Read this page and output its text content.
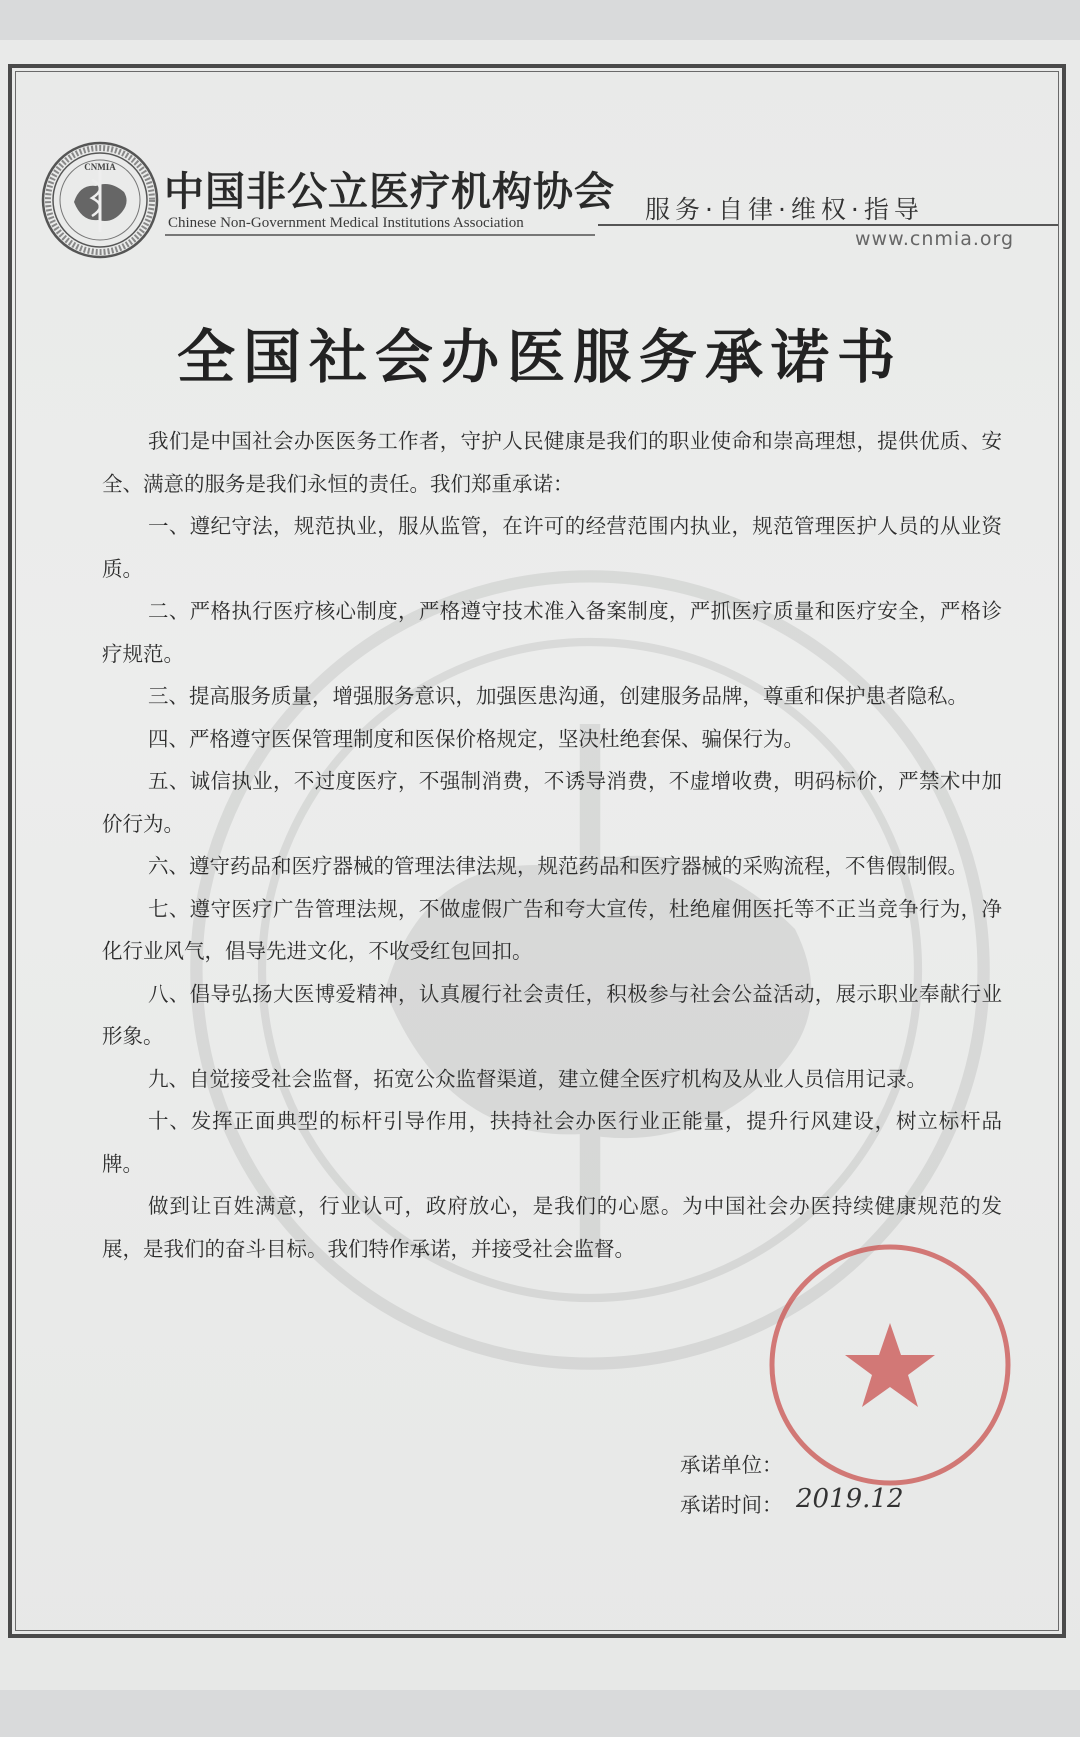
CNMIA
中国非公立医疗机构协会
Chinese Non-Government Medical Institutions Association	服务·自律·维权·指导
www.cnmia.org
全国社会办医服务承诺书

我们是中国社会办医医务工作者，守护人民健康是我们的职业使命和崇高理想，提供优质、安全、满意的服务是我们永恒的责任。我们郑重承诺：

一、遵纪守法，规范执业，服从监管，在许可的经营范围内执业，规范管理医护人员的从业资质。

二、严格执行医疗核心制度，严格遵守技术准入备案制度，严抓医疗质量和医疗安全，严格诊疗规范。

三、提高服务质量，增强服务意识，加强医患沟通，创建服务品牌，尊重和保护患者隐私。

四、严格遵守医保管理制度和医保价格规定，坚决杜绝套保、骗保行为。

五、诚信执业，不过度医疗，不强制消费，不诱导消费，不虚增收费，明码标价，严禁术中加价行为。

六、遵守药品和医疗器械的管理法律法规，规范药品和医疗器械的采购流程，不售假制假。

七、遵守医疗广告管理法规，不做虚假广告和夸大宣传，杜绝雇佣医托等不正当竞争行为，净化行业风气，倡导先进文化，不收受红包回扣。

八、倡导弘扬大医博爱精神，认真履行社会责任，积极参与社会公益活动，展示职业奉献行业形象。

九、自觉接受社会监督，拓宽公众监督渠道，建立健全医疗机构及从业人员信用记录。

十、发挥正面典型的标杆引导作用，扶持社会办医行业正能量，提升行风建设，树立标杆品牌。

做到让百姓满意，行业认可，政府放心，是我们的心愿。为中国社会办医持续健康规范的发展，是我们的奋斗目标。我们特作承诺，并接受社会监督。

承诺单位：
承诺时间： 2019.12
